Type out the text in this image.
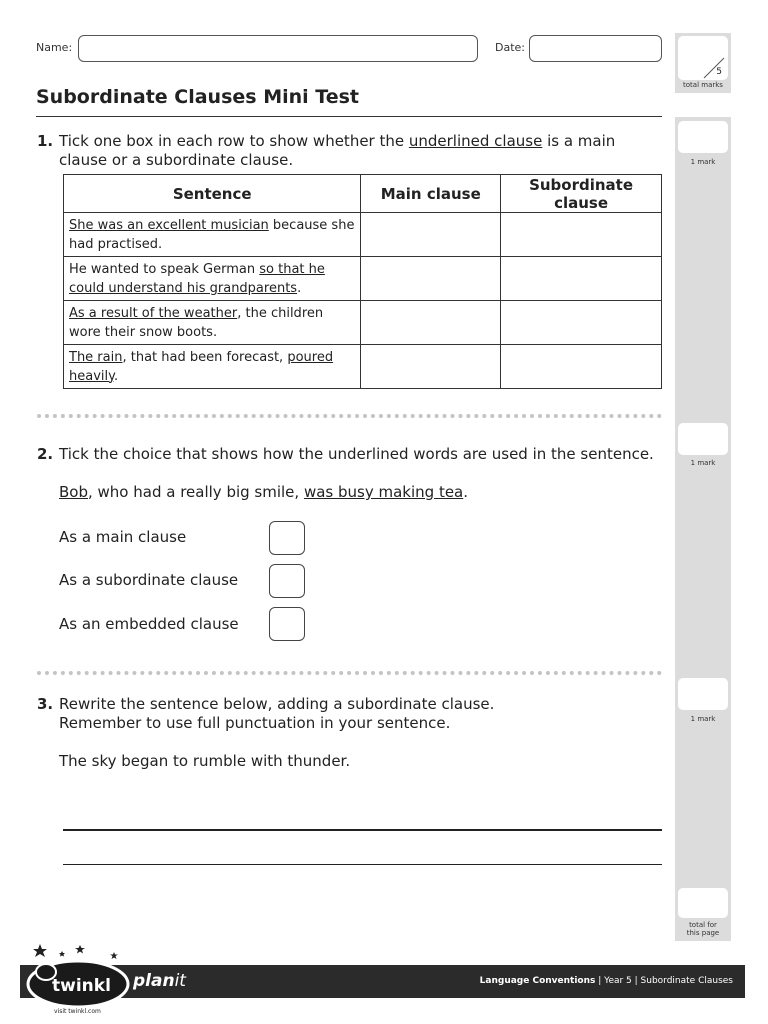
Name:	Date:
5
total marks
1 mark
1 mark
1 mark
total for
this page
Subordinate Clauses Mini Test
1. Tick one box in each row to show whether the underlined clause is a main clause or a subordinate clause.
Sentence	Main clause	Subordinate clause
She was an excellent musician because she had practised.		
He wanted to speak German so that he could understand his grandparents.		
As a result of the weather, the children wore their snow boots.		
The rain, that had been forecast, poured heavily.		
2. Tick the choice that shows how the underlined words are used in the sentence.
Bob, who had a really big smile, was busy making tea.
As a main clause
As a subordinate clause
As an embedded clause
3. Rewrite the sentence below, adding a subordinate clause.
Remember to use full punctuation in your sentence.
The sky began to rumble with thunder.
Language Conventions | Year 5 | Subordinate Clauses
twinkl
visit twinkl.com
planit
